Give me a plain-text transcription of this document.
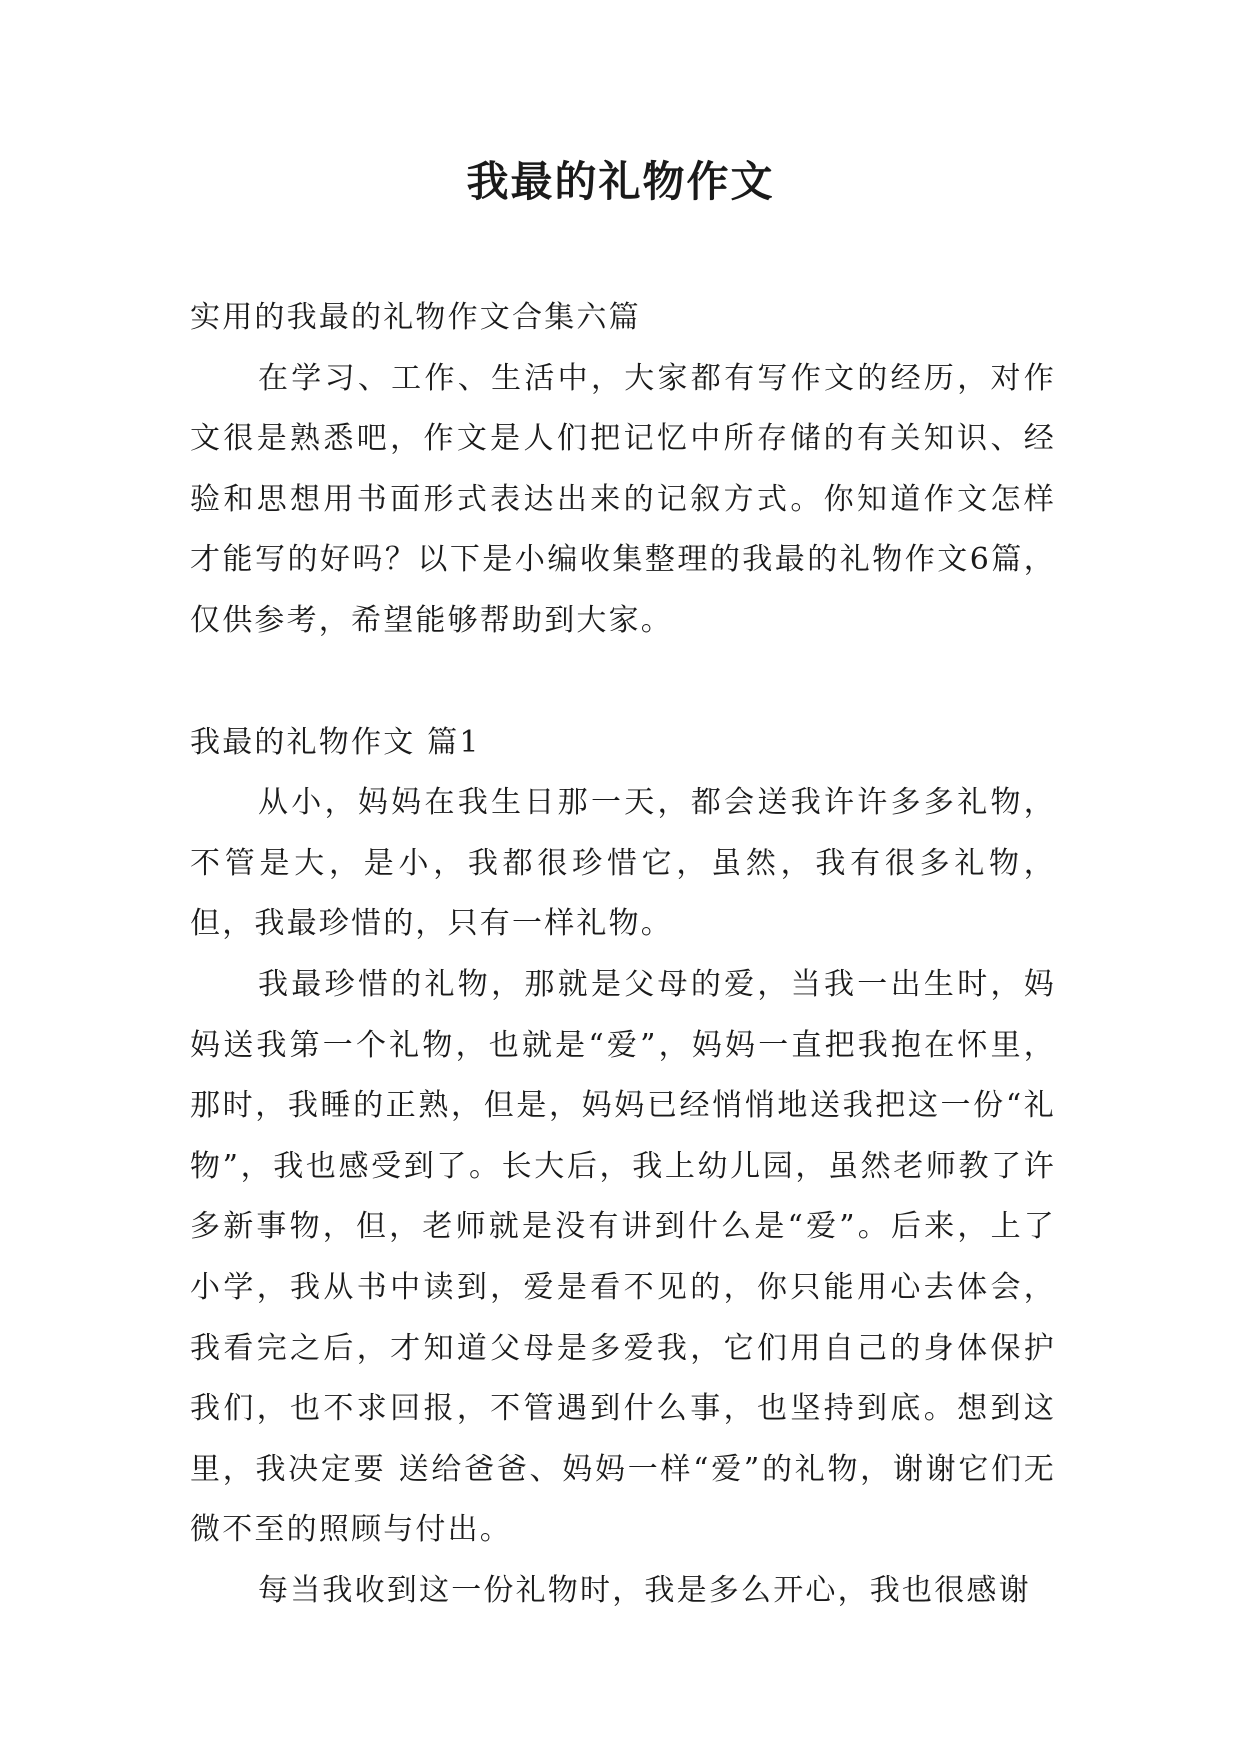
我最的礼物作文

实用的我最的礼物作文合集六篇

在学习、工作、生活中，大家都有写作文的经历，对作文很是熟悉吧，作文是人们把记忆中所存储的有关知识、经验和思想用书面形式表达出来的记叙方式。你知道作文怎样才能写的好吗？以下是小编收集整理的我最的礼物作文6篇，仅供参考，希望能够帮助到大家。

我最的礼物作文 篇1

从小，妈妈在我生日那一天，都会送我许许多多礼物，不管是大，是小，我都很珍惜它，虽然，我有很多礼物，但，我最珍惜的，只有一样礼物。

我最珍惜的礼物，那就是父母的爱，当我一出生时，妈妈送我第一个礼物，也就是“爱”，妈妈一直把我抱在怀里，那时，我睡的正熟，但是，妈妈已经悄悄地送我把这一份“礼物”，我也感受到了。长大后，我上幼儿园，虽然老师教了许多新事物，但，老师就是没有讲到什么是“爱”。后来，上了小学，我从书中读到，爱是看不见的，你只能用心去体会，我看完之后，才知道父母是多爱我，它们用自己的身体保护我们，也不求回报，不管遇到什么事，也坚持到底。想到这里，我决定要 送给爸爸、妈妈一样“爱”的礼物，谢谢它们无微不至的照顾与付出。

每当我收到这一份礼物时，我是多么开心，我也很感谢
